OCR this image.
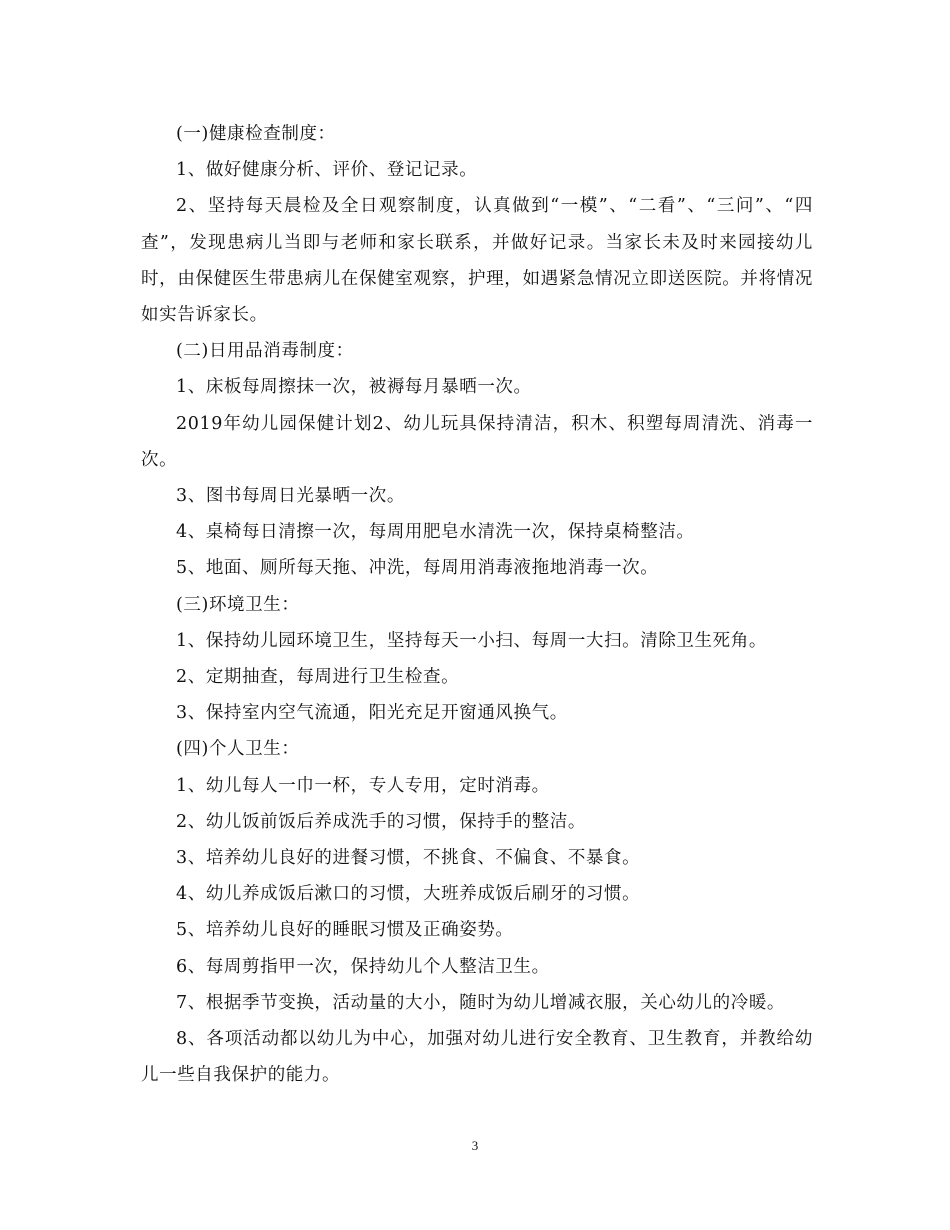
(一)健康检查制度：

1、做好健康分析、评价、登记记录。

2、坚持每天晨检及全日观察制度，认真做到“一模”、“二看”、“三问”、“四查”，发现患病儿当即与老师和家长联系，并做好记录。当家长未及时来园接幼儿时，由保健医生带患病儿在保健室观察，护理，如遇紧急情况立即送医院。并将情况如实告诉家长。

(二)日用品消毒制度：

1、床板每周擦抹一次，被褥每月暴晒一次。

2019年幼儿园保健计划2、幼儿玩具保持清洁，积木、积塑每周清洗、消毒一次。

3、图书每周日光暴晒一次。

4、桌椅每日清擦一次，每周用肥皂水清洗一次，保持桌椅整洁。

5、地面、厕所每天拖、冲洗，每周用消毒液拖地消毒一次。

(三)环境卫生：

1、保持幼儿园环境卫生，坚持每天一小扫、每周一大扫。清除卫生死角。

2、定期抽查，每周进行卫生检查。

3、保持室内空气流通，阳光充足开窗通风换气。

(四)个人卫生：

1、幼儿每人一巾一杯，专人专用，定时消毒。

2、幼儿饭前饭后养成洗手的习惯，保持手的整洁。

3、培养幼儿良好的进餐习惯，不挑食、不偏食、不暴食。

4、幼儿养成饭后漱口的习惯，大班养成饭后刷牙的习惯。

5、培养幼儿良好的睡眠习惯及正确姿势。

6、每周剪指甲一次，保持幼儿个人整洁卫生。

7、根据季节变换，活动量的大小，随时为幼儿增减衣服，关心幼儿的冷暖。

8、各项活动都以幼儿为中心，加强对幼儿进行安全教育、卫生教育，并教给幼儿一些自我保护的能力。

3
